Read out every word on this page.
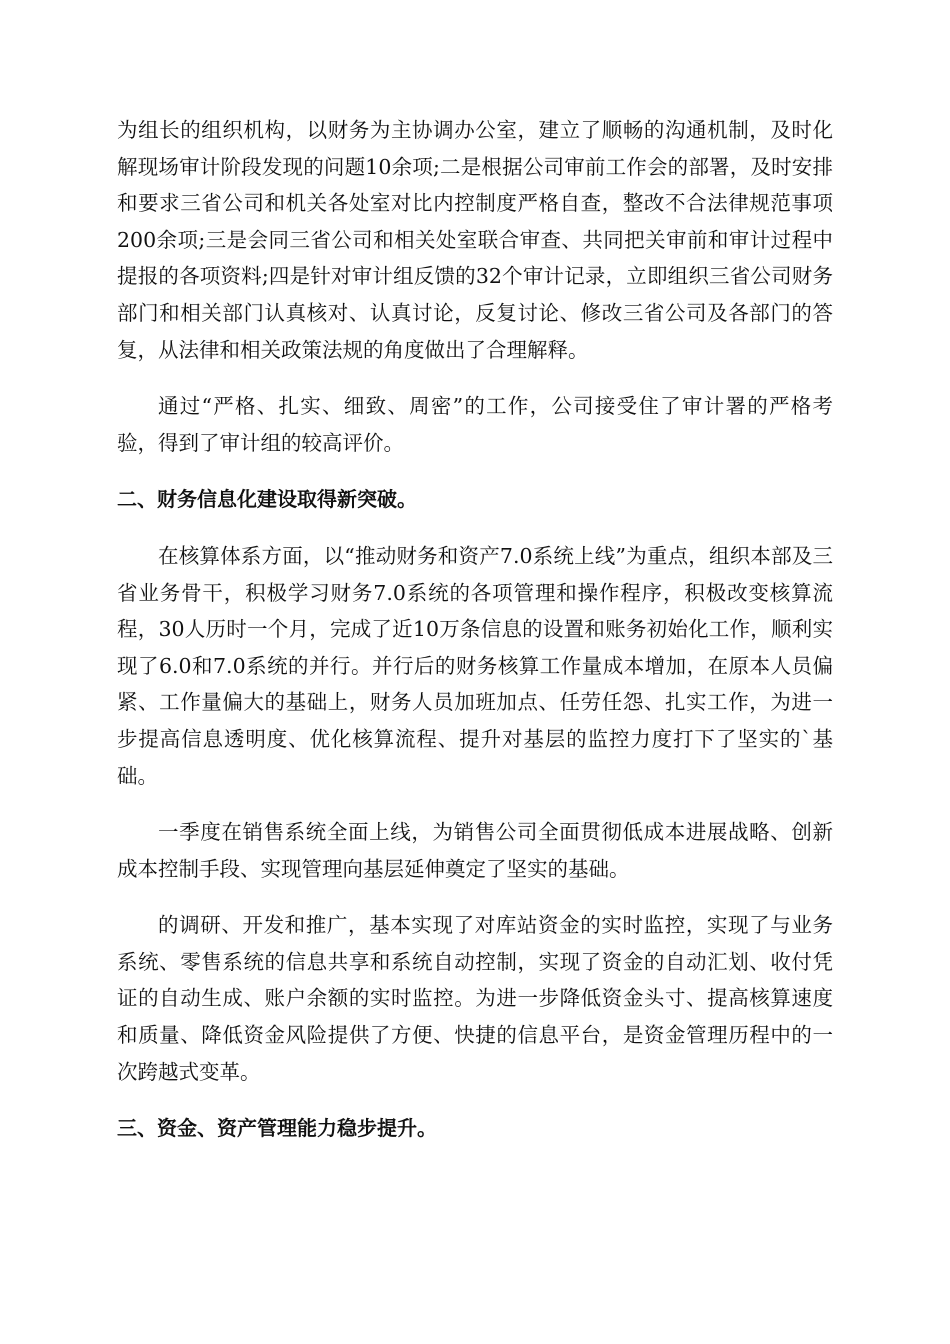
为组长的组织机构，以财务为主协调办公室，建立了顺畅的沟通机制，及时化解现场审计阶段发现的问题10余项;二是根据公司审前工作会的部署，及时安排和要求三省公司和机关各处室对比内控制度严格自查，整改不合法律规范事项200余项;三是会同三省公司和相关处室联合审查、共同把关审前和审计过程中提报的各项资料;四是针对审计组反馈的32个审计记录，立即组织三省公司财务部门和相关部门认真核对、认真讨论，反复讨论、修改三省公司及各部门的答复，从法律和相关政策法规的角度做出了合理解释。

通过“严格、扎实、细致、周密”的工作，公司接受住了审计署的严格考验，得到了审计组的较高评价。

二、财务信息化建设取得新突破。

在核算体系方面，以“推动财务和资产7.0系统上线”为重点，组织本部及三省业务骨干，积极学习财务7.0系统的各项管理和操作程序，积极改变核算流程，30人历时一个月，完成了近10万条信息的设置和账务初始化工作，顺利实现了6.0和7.0系统的并行。并行后的财务核算工作量成本增加，在原本人员偏紧、工作量偏大的基础上，财务人员加班加点、任劳任怨、扎实工作，为进一步提高信息透明度、优化核算流程、提升对基层的监控力度打下了坚实的`基础。

一季度在销售系统全面上线，为销售公司全面贯彻低成本进展战略、创新成本控制手段、实现管理向基层延伸奠定了坚实的基础。

的调研、开发和推广，基本实现了对库站资金的实时监控，实现了与业务系统、零售系统的信息共享和系统自动控制，实现了资金的自动汇划、收付凭证的自动生成、账户余额的实时监控。为进一步降低资金头寸、提高核算速度和质量、降低资金风险提供了方便、快捷的信息平台，是资金管理历程中的一次跨越式变革。

三、资金、资产管理能力稳步提升。
